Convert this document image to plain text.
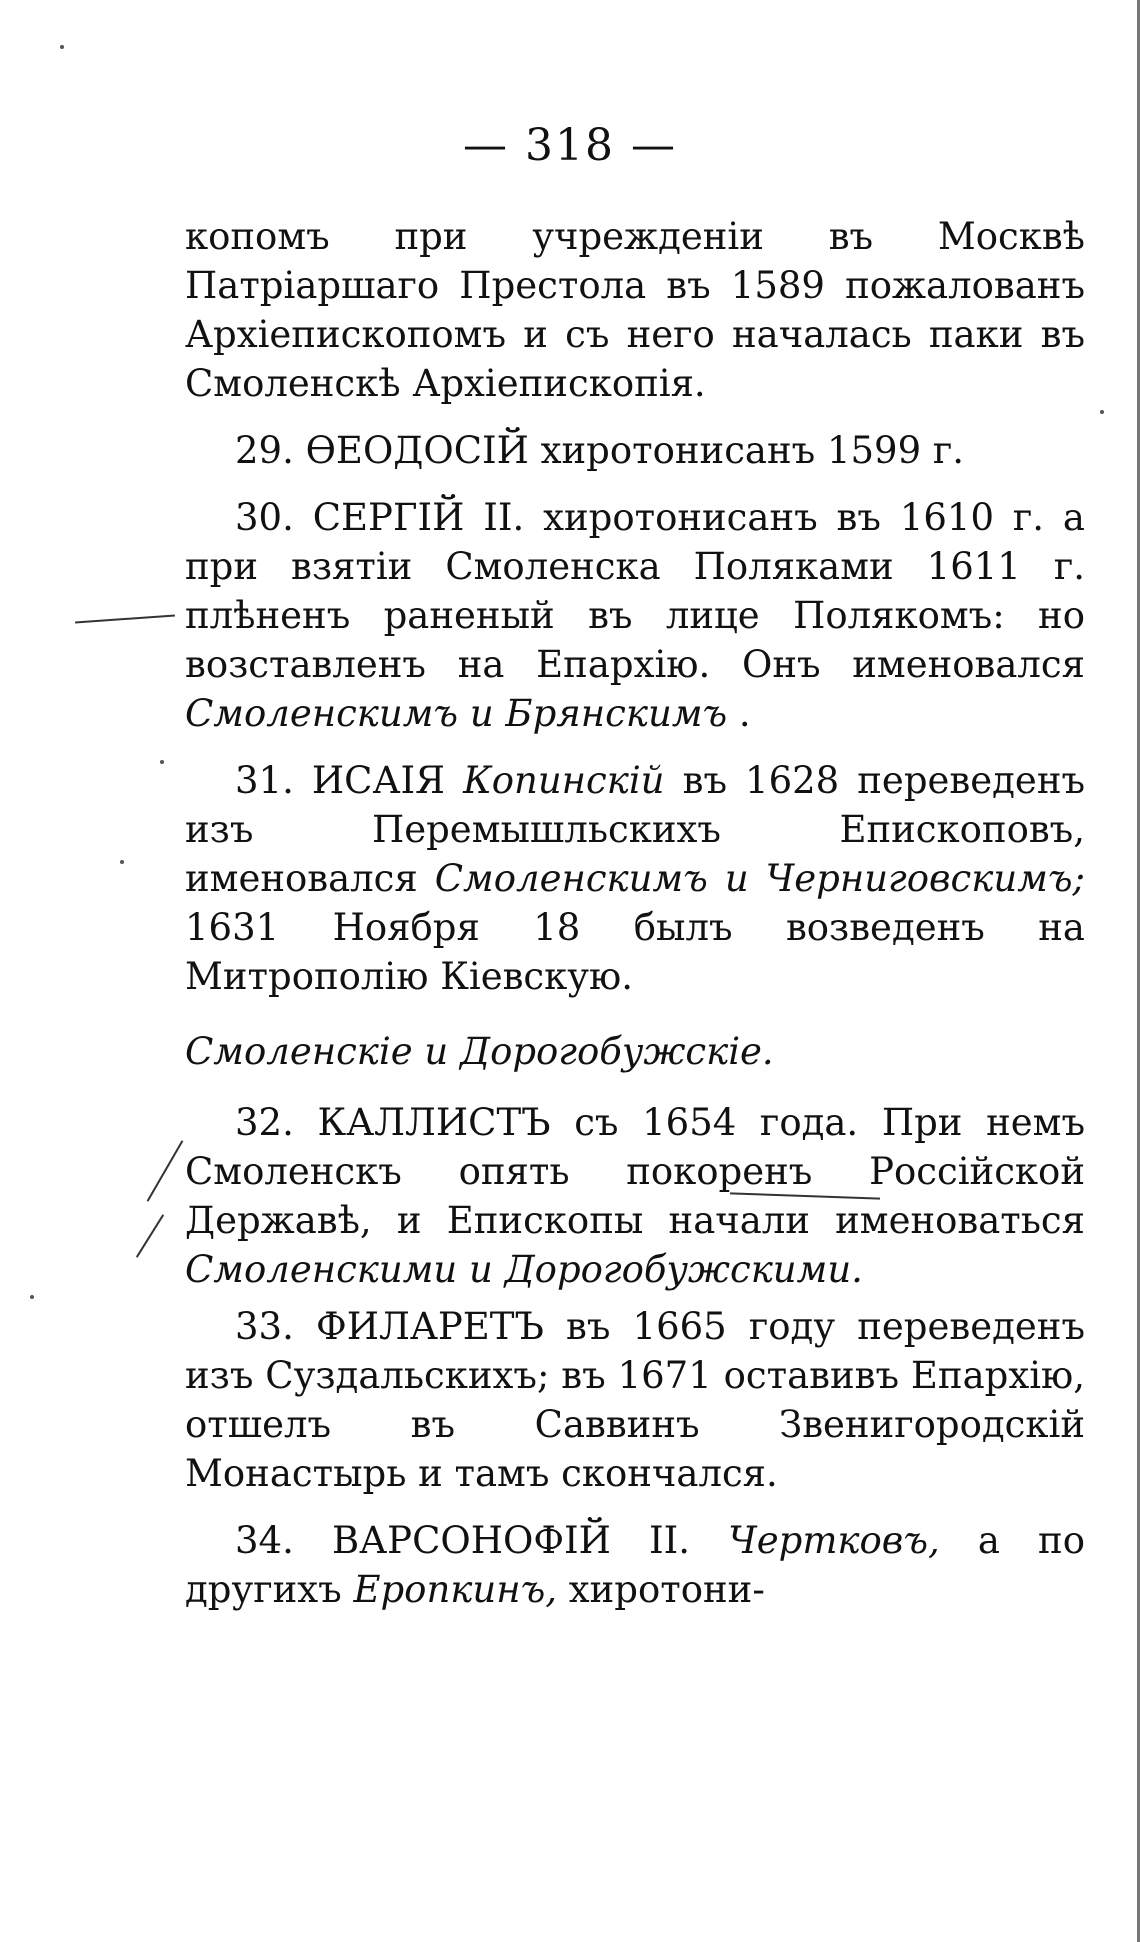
— 318 —

копомъ при учрежденіи въ Москвѣ Патріаршаго Престола въ 1589 пожалованъ Архіепископомъ и съ него началась паки въ Смоленскѣ Архіепископія.

29. ѲЕОДОСІЙ хиротонисанъ 1599 г.

30. СЕРГІЙ II. хиротонисанъ въ 1610 г. а при взятіи Смоленска Поляками 1611 г. плѣненъ раненый въ лице Полякомъ: но возставленъ на Епархію. Онъ именовался Смоленскимъ и Брянскимъ .

31. ИСАІЯ Копинскій въ 1628 переведенъ изъ Перемышльскихъ Епископовъ, именовался Смоленскимъ и Черниговскимъ; 1631 Ноября 18 былъ возведенъ на Митрополію Кіевскую.

Смоленскіе и Дорогобужскіе.

32. КАЛЛИСТЪ съ 1654 года. При немъ Смоленскъ опять покоренъ Россійской Державѣ, и Епископы начали именоваться Смоленскими и Дорогобужскими.

33. ФИЛАРЕТЪ въ 1665 году переведенъ изъ Суздальскихъ; въ 1671 оставивъ Епархію, отшелъ въ Саввинъ Звенигородскій Монастырь и тамъ скончался.

34. ВАРСОНОФІЙ II. Чертковъ, а по другихъ Еропкинъ, хиротони-
